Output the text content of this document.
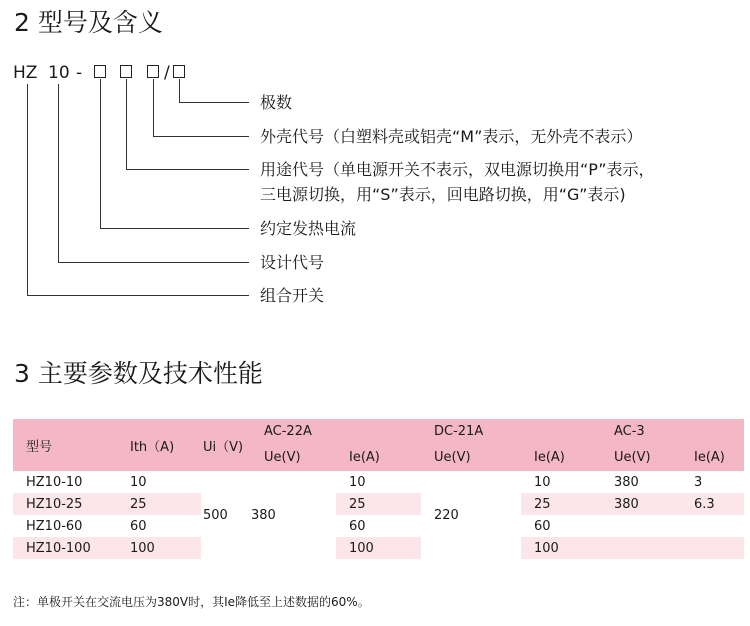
2 型号及含义
HZ 10 -	/
极数
外壳代号（白塑料壳或铝壳“M”表示，无外壳不表示）
用途代号（单电源开关不表示，双电源切换用“P”表示，
三电源切换，用“S”表示，回电路切换，用“G”表示)
约定发热电流
设计代号
组合开关
3 主要参数及技术性能
型号	Ith（A)	Ui（V)	AC-22A		DC-21A		AC-3	
			Ue(V)	Ie(A)	Ue(V)	Ie(A)	Ue(V)	Ie(A)
HZ10-10	10	500	380	10	220	10	380	3
HZ10-25	25			25		25	380	6.3
HZ10-60	60			60		60		
HZ10-100	100			100		100		
注：单极开关在交流电压为380V时，其Ie降低至上述数据的60%。
